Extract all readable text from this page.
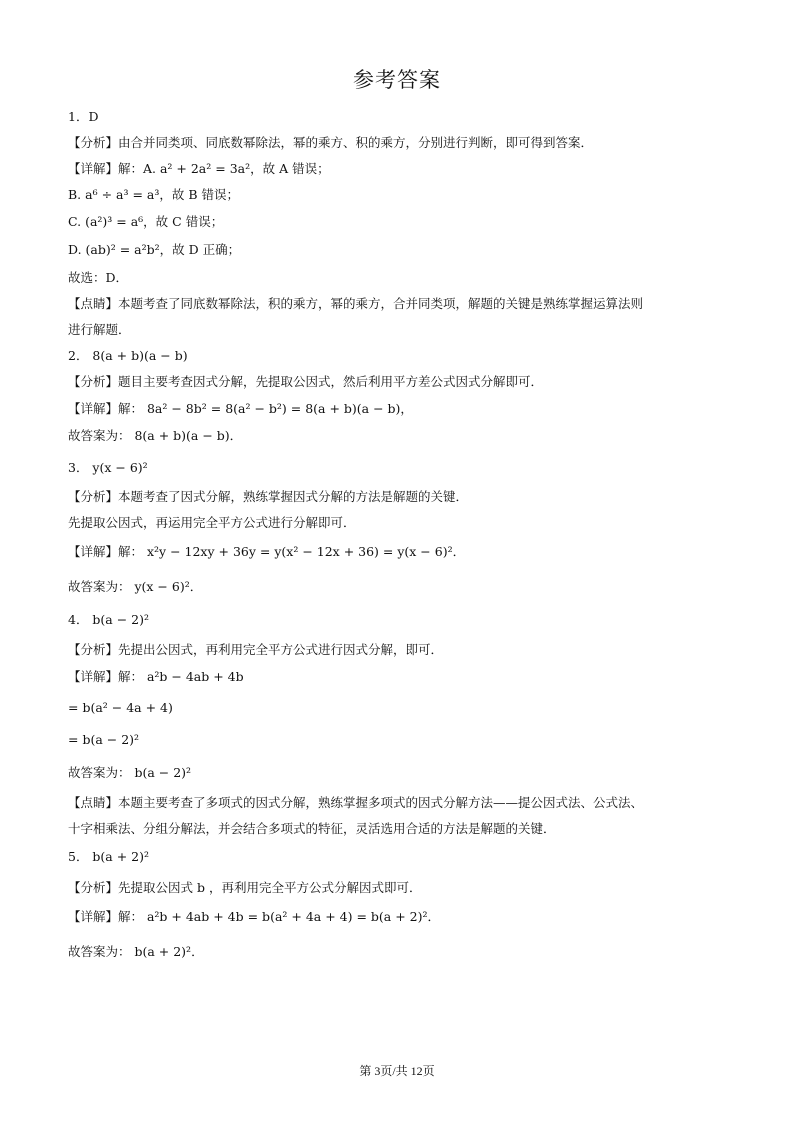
参考答案
1．D
【分析】由合并同类项、同底数幂除法，幂的乘方、积的乘方，分别进行判断，即可得到答案．
【详解】解：A. a² + 2a² = 3a²，故 A 错误；
B. a⁶ ÷ a³ = a³，故 B 错误；
C. (a²)³ = a⁶，故 C 错误；
D. (ab)² = a²b²，故 D 正确；
故选：D．
【点睛】本题考查了同底数幂除法，积的乘方，幂的乘方，合并同类项，解题的关键是熟练掌握运算法则
进行解题．
2． 8(a + b)(a − b)
【分析】题目主要考查因式分解，先提取公因式，然后利用平方差公式因式分解即可．
【详解】解： 8a² − 8b² = 8(a² − b²) = 8(a + b)(a − b)，
故答案为： 8(a + b)(a − b)．
3． y(x − 6)²
【分析】本题考查了因式分解，熟练掌握因式分解的方法是解题的关键．
先提取公因式，再运用完全平方公式进行分解即可．
【详解】解： x²y − 12xy + 36y = y(x² − 12x + 36) = y(x − 6)²．
故答案为： y(x − 6)²．
4． b(a − 2)²
【分析】先提出公因式，再利用完全平方公式进行因式分解，即可．
【详解】解： a²b − 4ab + 4b
= b(a² − 4a + 4)
= b(a − 2)²
故答案为： b(a − 2)²
【点睛】本题主要考查了多项式的因式分解，熟练掌握多项式的因式分解方法——提公因式法、公式法、
十字相乘法、分组分解法，并会结合多项式的特征，灵活选用合适的方法是解题的关键．
5． b(a + 2)²
【分析】先提取公因式 b ，再利用完全平方公式分解因式即可．
【详解】解： a²b + 4ab + 4b = b(a² + 4a + 4) = b(a + 2)²．
故答案为： b(a + 2)²．
第 3页/共 12页
